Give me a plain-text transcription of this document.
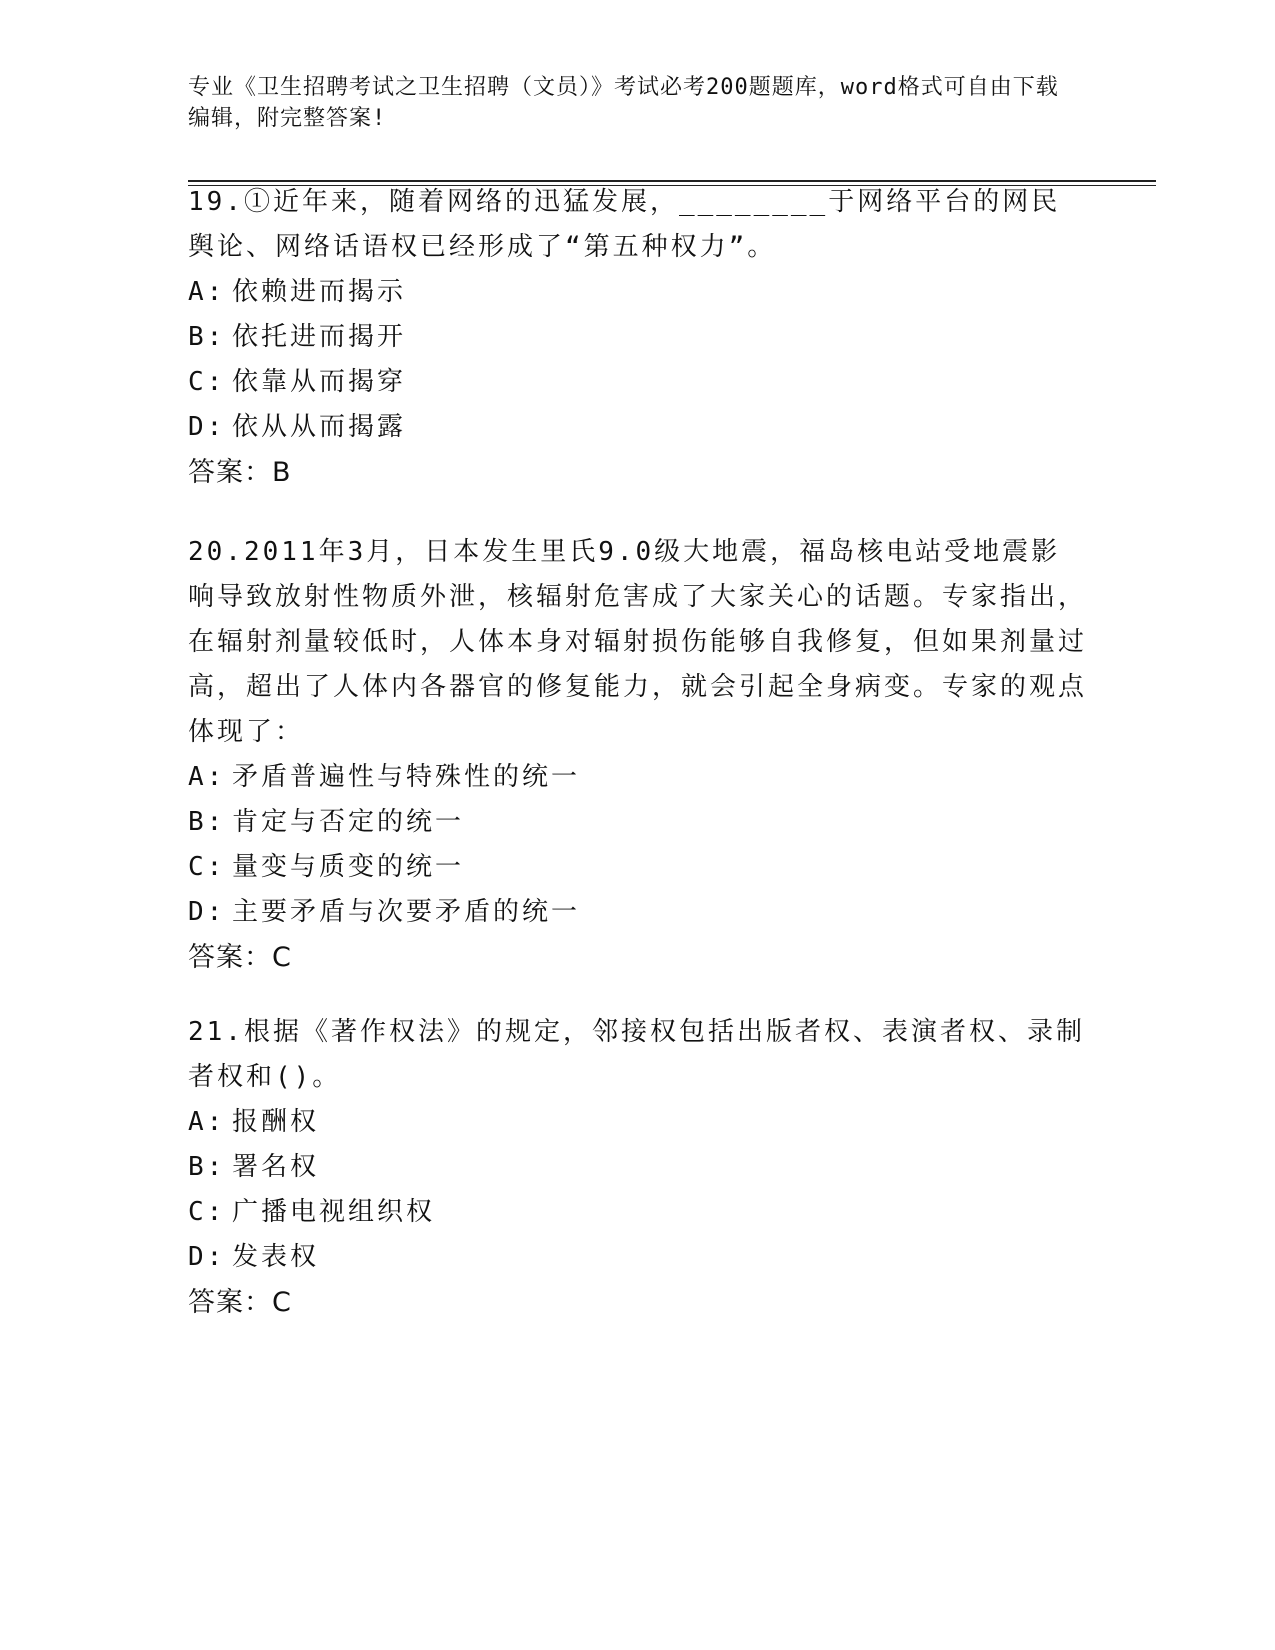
专业《卫生招聘考试之卫生招聘（文员）》考试必考200题题库，word格式可自由下载编辑，附完整答案!

19.①近年来，随着网络的迅猛发展，________于网络平台的网民舆论、网络话语权已经形成了“第五种权力”。

A: 依赖进而揭示

B: 依托进而揭开

C: 依靠从而揭穿

D: 依从从而揭露

答案：B

20.2011年3月，日本发生里氏9.0级大地震，福岛核电站受地震影响导致放射性物质外泄，核辐射危害成了大家关心的话题。专家指出，在辐射剂量较低时，人体本身对辐射损伤能够自我修复，但如果剂量过高，超出了人体内各器官的修复能力，就会引起全身病变。专家的观点体现了：

A: 矛盾普遍性与特殊性的统一

B: 肯定与否定的统一

C: 量变与质变的统一

D: 主要矛盾与次要矛盾的统一

答案：C

21.根据《著作权法》的规定，邻接权包括出版者权、表演者权、录制者权和()。

A: 报酬权

B: 署名权

C: 广播电视组织权

D: 发表权

答案：C
